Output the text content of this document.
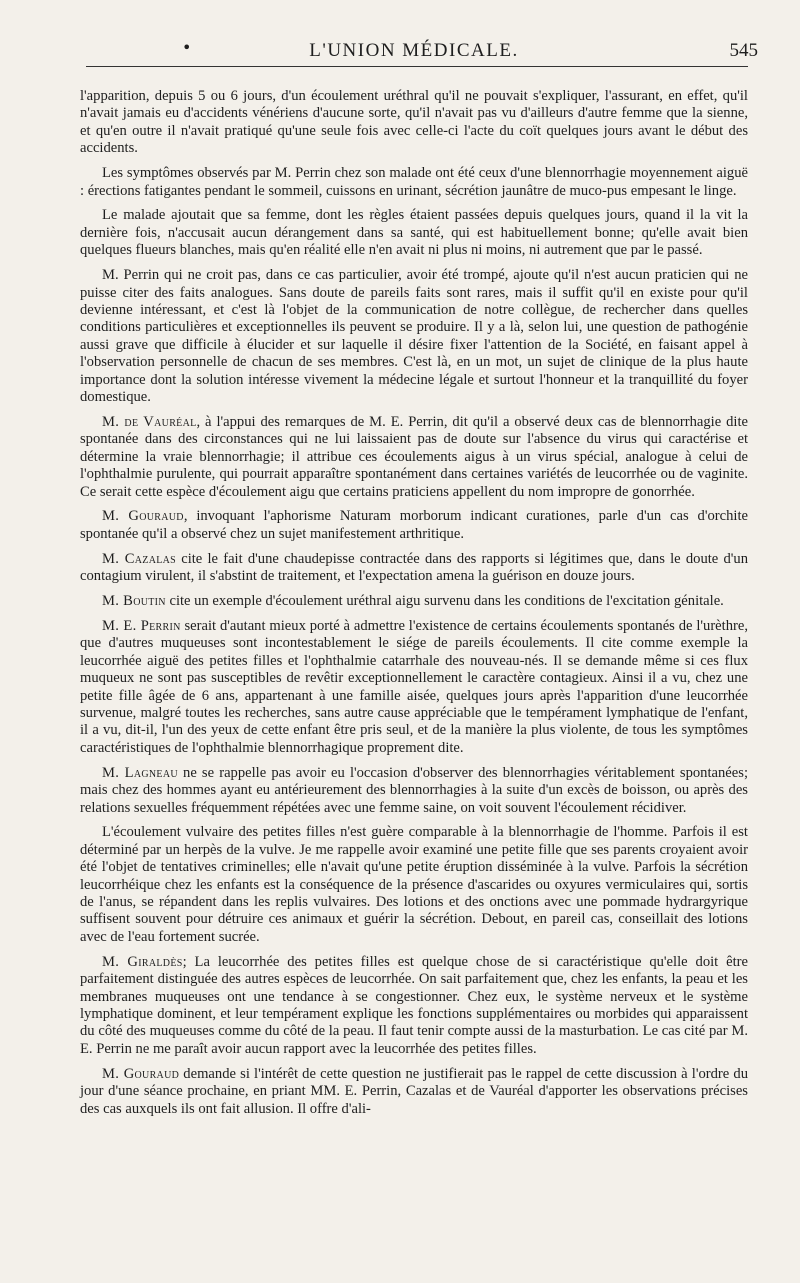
•	L'UNION MÉDICALE.	545

l'apparition, depuis 5 ou 6 jours, d'un écoulement uréthral qu'il ne pouvait s'expliquer, l'assurant, en effet, qu'il n'avait jamais eu d'accidents vénériens d'aucune sorte, qu'il n'avait pas vu d'ailleurs d'autre femme que la sienne, et qu'en outre il n'avait pratiqué qu'une seule fois avec celle-ci l'acte du coït quelques jours avant le début des accidents.

Les symptômes observés par M. Perrin chez son malade ont été ceux d'une blennorrhagie moyennement aiguë : érections fatigantes pendant le sommeil, cuissons en urinant, sécrétion jaunâtre de muco-pus empesant le linge.

Le malade ajoutait que sa femme, dont les règles étaient passées depuis quelques jours, quand il la vit la dernière fois, n'accusait aucun dérangement dans sa santé, qui est habituellement bonne; qu'elle avait bien quelques flueurs blanches, mais qu'en réalité elle n'en avait ni plus ni moins, ni autrement que par le passé.

M. Perrin qui ne croit pas, dans ce cas particulier, avoir été trompé, ajoute qu'il n'est aucun praticien qui ne puisse citer des faits analogues. Sans doute de pareils faits sont rares, mais il suffit qu'il en existe pour qu'il devienne intéressant, et c'est là l'objet de la communication de notre collègue, de rechercher dans quelles conditions particulières et exceptionnelles ils peuvent se produire. Il y a là, selon lui, une question de pathogénie aussi grave que difficile à élucider et sur laquelle il désire fixer l'attention de la Société, en faisant appel à l'observation personnelle de chacun de ses membres. C'est là, en un mot, un sujet de clinique de la plus haute importance dont la solution intéresse vivement la médecine légale et surtout l'honneur et la tranquillité du foyer domestique.

M. de Vauréal, à l'appui des remarques de M. E. Perrin, dit qu'il a observé deux cas de blennorrhagie dite spontanée dans des circonstances qui ne lui laissaient pas de doute sur l'absence du virus qui caractérise et détermine la vraie blennorrhagie; il attribue ces écoulements aigus à un virus spécial, analogue à celui de l'ophthalmie purulente, qui pourrait apparaître spontanément dans certaines variétés de leucorrhée ou de vaginite. Ce serait cette espèce d'écoulement aigu que certains praticiens appellent du nom impropre de gonorrhée.

M. Gouraud, invoquant l'aphorisme Naturam morborum indicant curationes, parle d'un cas d'orchite spontanée qu'il a observé chez un sujet manifestement arthritique.

M. Cazalas cite le fait d'une chaudepisse contractée dans des rapports si légitimes que, dans le doute d'un contagium virulent, il s'abstint de traitement, et l'expectation amena la guérison en douze jours.

M. Boutin cite un exemple d'écoulement uréthral aigu survenu dans les conditions de l'excitation génitale.

M. E. Perrin serait d'autant mieux porté à admettre l'existence de certains écoulements spontanés de l'urèthre, que d'autres muqueuses sont incontestablement le siége de pareils écoulements. Il cite comme exemple la leucorrhée aiguë des petites filles et l'ophthalmie catarrhale des nouveau-nés. Il se demande même si ces flux muqueux ne sont pas susceptibles de revêtir exceptionnellement le caractère contagieux. Ainsi il a vu, chez une petite fille âgée de 6 ans, appartenant à une famille aisée, quelques jours après l'apparition d'une leucorrhée survenue, malgré toutes les recherches, sans autre cause appréciable que le tempérament lymphatique de l'enfant, il a vu, dit-il, l'un des yeux de cette enfant être pris seul, et de la manière la plus violente, de tous les symptômes caractéristiques de l'ophthalmie blennorrhagique proprement dite.

M. Lagneau ne se rappelle pas avoir eu l'occasion d'observer des blennorrhagies véritablement spontanées; mais chez des hommes ayant eu antérieurement des blennorrhagies à la suite d'un excès de boisson, ou après des relations sexuelles fréquemment répétées avec une femme saine, on voit souvent l'écoulement récidiver.

L'écoulement vulvaire des petites filles n'est guère comparable à la blennorrhagie de l'homme. Parfois il est déterminé par un herpès de la vulve. Je me rappelle avoir examiné une petite fille que ses parents croyaient avoir été l'objet de tentatives criminelles; elle n'avait qu'une petite éruption disséminée à la vulve. Parfois la sécrétion leucorrhéique chez les enfants est la conséquence de la présence d'ascarides ou oxyures vermiculaires qui, sortis de l'anus, se répandent dans les replis vulvaires. Des lotions et des onctions avec une pommade hydrargyrique suffisent souvent pour détruire ces animaux et guérir la sécrétion. Debout, en pareil cas, conseillait des lotions avec de l'eau fortement sucrée.

M. Giraldès; La leucorrhée des petites filles est quelque chose de si caractéristique qu'elle doit être parfaitement distinguée des autres espèces de leucorrhée. On sait parfaitement que, chez les enfants, la peau et les membranes muqueuses ont une tendance à se congestionner. Chez eux, le système nerveux et le système lymphatique dominent, et leur tempérament explique les fonctions supplémentaires ou morbides qui apparaissent du côté des muqueuses comme du côté de la peau. Il faut tenir compte aussi de la masturbation. Le cas cité par M. E. Perrin ne me paraît avoir aucun rapport avec la leucorrhée des petites filles.

M. Gouraud demande si l'intérêt de cette question ne justifierait pas le rappel de cette discussion à l'ordre du jour d'une séance prochaine, en priant MM. E. Perrin, Cazalas et de Vauréal d'apporter les observations précises des cas auxquels ils ont fait allusion. Il offre d'ali-
